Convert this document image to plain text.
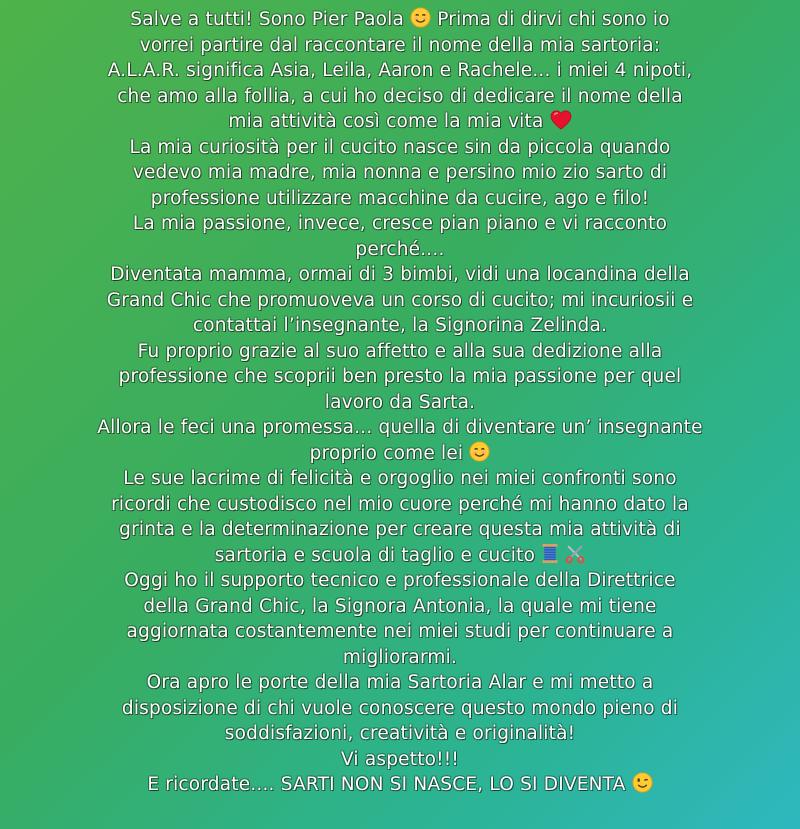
Salve a tutti! Sono Pier Paola Prima di dirvi chi sono io
vorrei partire dal raccontare il nome della mia sartoria:
A.L.A.R. significa Asia, Leila, Aaron e Rachele... i miei 4 nipoti,
che amo alla follia, a cui ho deciso di dedicare il nome della
mia attività così come la mia vita
La mia curiosità per il cucito nasce sin da piccola quando
vedevo mia madre, mia nonna e persino mio zio sarto di
professione utilizzare macchine da cucire, ago e filo!
La mia passione, invece, cresce pian piano e vi racconto
perché....
Diventata mamma, ormai di 3 bimbi, vidi una locandina della
Grand Chic che promuoveva un corso di cucito; mi incuriosii e
contattai l’insegnante, la Signorina Zelinda.
Fu proprio grazie al suo affetto e alla sua dedizione alla
professione che scoprii ben presto la mia passione per quel
lavoro da Sarta.
Allora le feci una promessa... quella di diventare un’ insegnante
proprio come lei
Le sue lacrime di felicità e orgoglio nei miei confronti sono
ricordi che custodisco nel mio cuore perché mi hanno dato la
grinta e la determinazione per creare questa mia attività di
sartoria e scuola di taglio e cucito

Oggi ho il supporto tecnico e professionale della Direttrice
della Grand Chic, la Signora Antonia, la quale mi tiene
aggiornata costantemente nei miei studi per continuare a
migliorarmi.
Ora apro le porte della mia Sartoria Alar e mi metto a
disposizione di chi vuole conoscere questo mondo pieno di
soddisfazioni, creatività e originalità!
Vi aspetto!!!
E ricordate.... SARTI NON SI NASCE, LO SI DIVENTA
